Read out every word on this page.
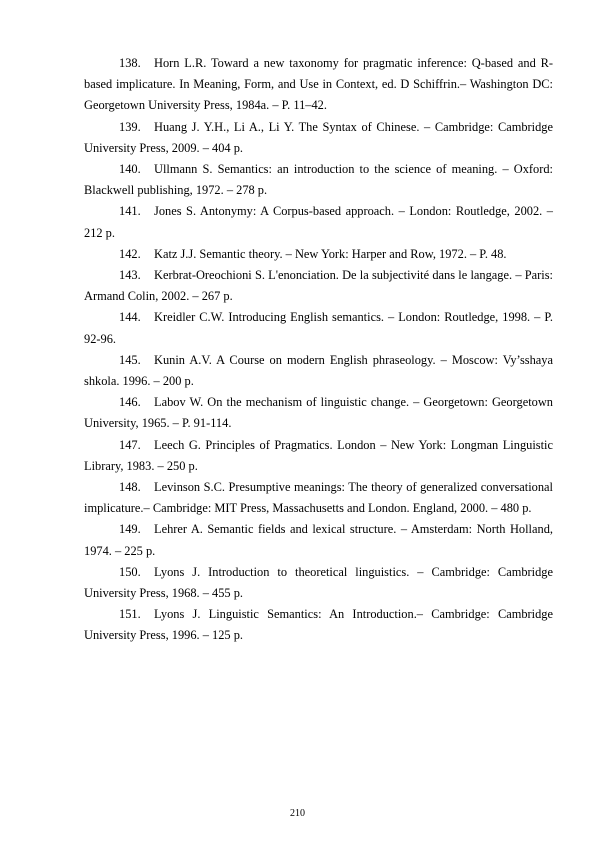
138. Horn L.R. Toward a new taxonomy for pragmatic inference: Q-based and R-based implicature. In Meaning, Form, and Use in Context, ed. D Schiffrin.– Washington DC: Georgetown University Press, 1984a. – P. 11–42.

139. Huang J. Y.H., Li A., Li Y. The Syntax of Chinese. – Cambridge: Cambridge University Press, 2009. – 404 p.

140. Ullmann S. Semantics: an introduction to the science of meaning. – Oxford: Blackwell publishing, 1972. – 278 p.

141. Jones S. Antonymy: A Corpus-based approach. – London: Routledge, 2002. – 212 p.

142. Katz J.J. Semantic theory. – New York: Harper and Row, 1972. – P. 48.

143. Kerbrat-Oreochioni S. L'enonciation. De la subjectivité dans le langage. – Paris: Armand Colin, 2002. – 267 p.

144. Kreidler C.W. Introducing English semantics. – London: Routledge, 1998. – P. 92-96.

145. Kunin A.V. A Course on modern English phraseology. – Moscow: Vy’sshaya shkola. 1996. – 200 p.

146. Labov W. On the mechanism of linguistic change. – Georgetown: Georgetown University, 1965. – P. 91-114.

147. Leech G. Principles of Pragmatics. London – New York: Longman Linguistic Library, 1983. – 250 p.

148. Levinson S.C. Presumptive meanings: The theory of generalized conversational implicature.– Cambridge: MIT Press, Massachusetts and London. England, 2000. – 480 p.

149. Lehrer A. Semantic fields and lexical structure. – Amsterdam: North Holland, 1974. – 225 p.

150. Lyons J. Introduction to theoretical linguistics. – Cambridge: Cambridge University Press, 1968. – 455 p.

151. Lyons J. Linguistic Semantics: An Introduction.– Cambridge: Cambridge University Press, 1996. – 125 p.

210
